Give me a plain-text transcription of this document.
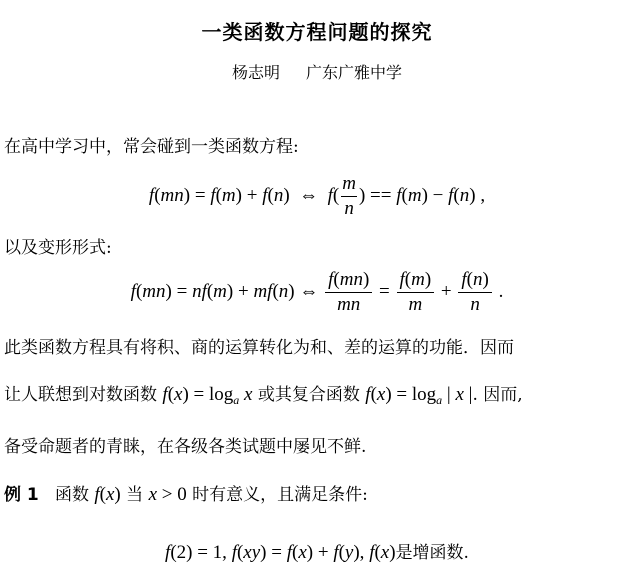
一类函数方程问题的探究
杨志明 广东广雅中学
在高中学习中，常会碰到一类函数方程:
f(mn) = f(m) + f(n)  ⇔  $f( \frac{m}{n}$ ) == f(m) − f(n) ,
以及变形形式:
f(mn) = nf(m) + mf(n) ⇔ $\frac{f(mn)}{mn} = \frac{f(m)}{m} + \frac{f(n)}{n}$ .
此类函数方程具有将积、商的运算转化为和、差的运算的功能．因而
让人联想到对数函数 $f(x) = \log_a x$ 或其复合函数 $f(x) = \log_a$ | x |. 因而,
备受命题者的青睐，在各级各类试题中屡见不鲜.
例 1 函数 f(x) 当 x > 0 时有意义，且满足条件:
f(2) = 1, f(xy) = f(x) + f(y), f(x)是增函数.
